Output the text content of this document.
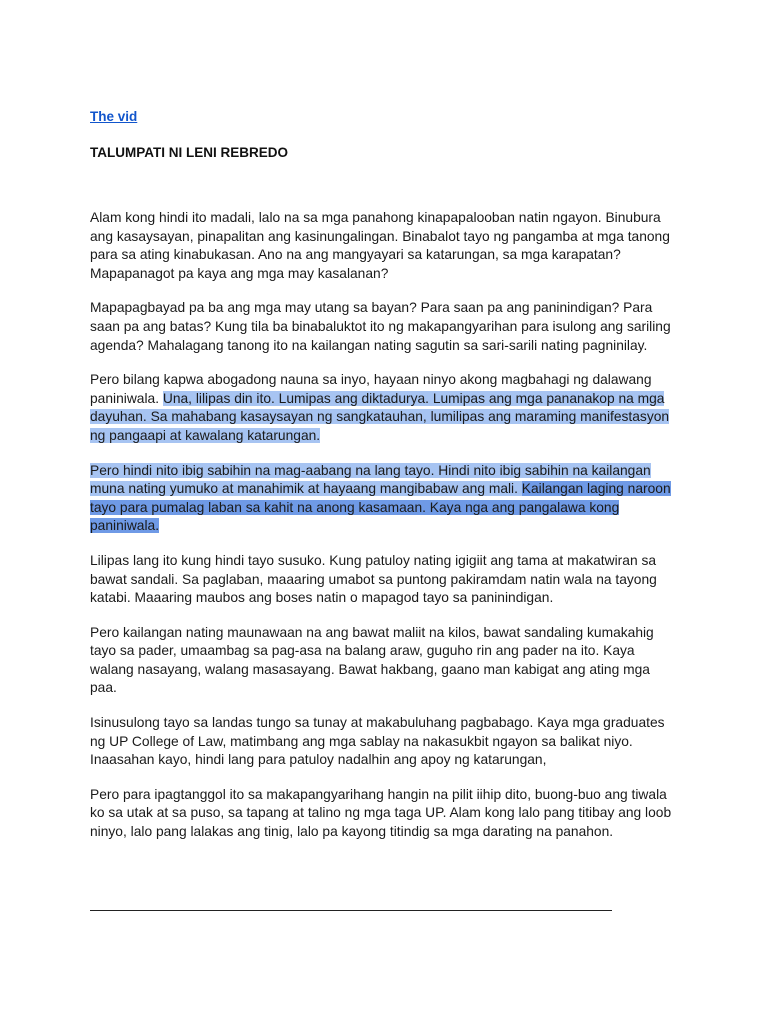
The vid
TALUMPATI NI LENI REBREDO

Alam kong hindi ito madali, lalo na sa mga panahong kinapapalooban natin ngayon. Binubura ang kasaysayan, pinapalitan ang kasinungalingan. Binabalot tayo ng pangamba at mga tanong para sa ating kinabukasan. Ano na ang mangyayari sa katarungan, sa mga karapatan? Mapapanagot pa kaya ang mga may kasalanan?

Mapapagbayad pa ba ang mga may utang sa bayan? Para saan pa ang paninindigan? Para saan pa ang batas? Kung tila ba binabaluktot ito ng makapangyarihan para isulong ang sariling agenda? Mahalagang tanong ito na kailangan nating sagutin sa sari-sarili nating pagninilay.

Pero bilang kapwa abogadong nauna sa inyo, hayaan ninyo akong magbahagi ng dalawang paniniwala. Una, lilipas din ito. Lumipas ang diktadurya. Lumipas ang mga pananakop na mga dayuhan. Sa mahabang kasaysayan ng sangkatauhan, lumilipas ang maraming manifestasyon ng pangaapi at kawalang katarungan.

Pero hindi nito ibig sabihin na mag-aabang na lang tayo. Hindi nito ibig sabihin na kailangan muna nating yumuko at manahimik at hayaang mangibabaw ang mali. Kailangan laging naroon tayo para pumalag laban sa kahit na anong kasamaan. Kaya nga ang pangalawa kong paniniwala.

Lilipas lang ito kung hindi tayo susuko. Kung patuloy nating igigiit ang tama at makatwiran sa bawat sandali. Sa paglaban, maaaring umabot sa puntong pakiramdam natin wala na tayong katabi. Maaaring maubos ang boses natin o mapagod tayo sa paninindigan.

Pero kailangan nating maunawaan na ang bawat maliit na kilos, bawat sandaling kumakahig tayo sa pader, umaambag sa pag-asa na balang araw, guguho rin ang pader na ito. Kaya walang nasayang, walang masasayang. Bawat hakbang, gaano man kabigat ang ating mga paa.

Isinusulong tayo sa landas tungo sa tunay at makabuluhang pagbabago. Kaya mga graduates ng UP College of Law, matimbang ang mga sablay na nakasukbit ngayon sa balikat niyo. Inaasahan kayo, hindi lang para patuloy nadalhin ang apoy ng katarungan,

Pero para ipagtanggol ito sa makapangyarihang hangin na pilit iihip dito, buong-buo ang tiwala ko sa utak at sa puso, sa tapang at talino ng mga taga UP. Alam kong lalo pang titibay ang loob ninyo, lalo pang lalakas ang tinig, lalo pa kayong titindig sa mga darating na panahon.
